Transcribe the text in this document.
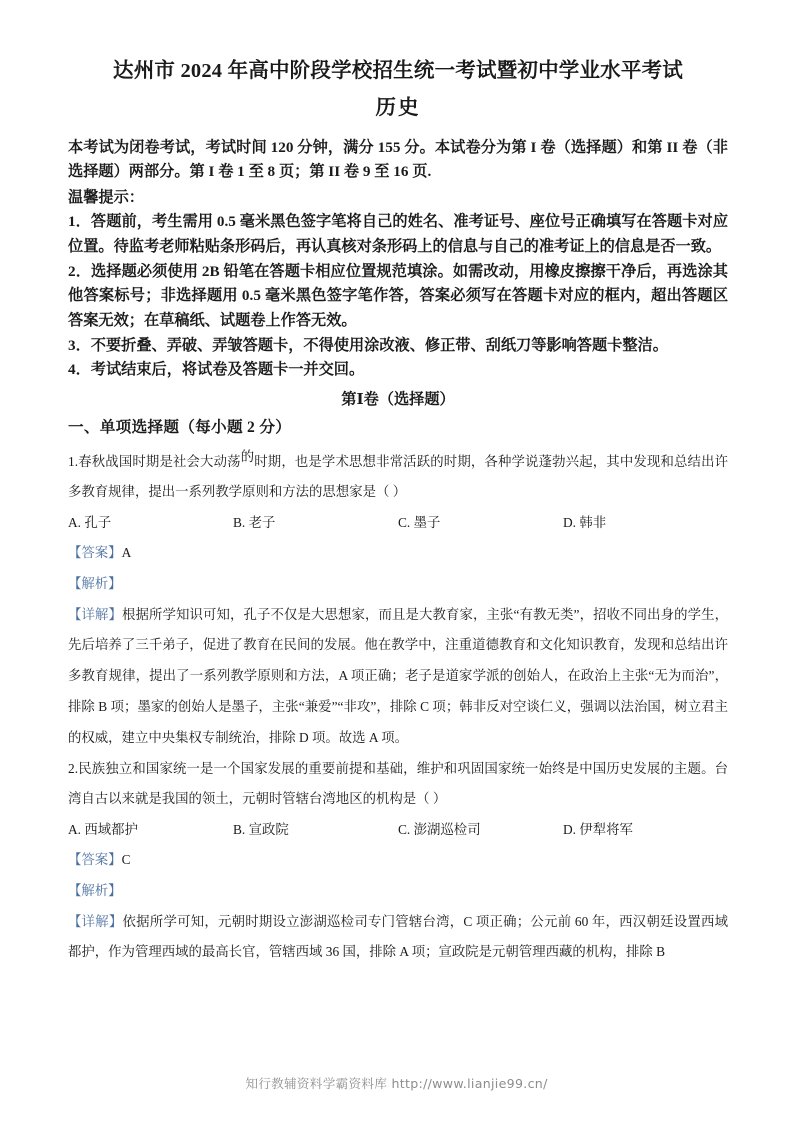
达州市 2024 年高中阶段学校招生统一考试暨初中学业水平考试
历史

本考试为闭卷考试，考试时间 120 分钟，满分 155 分。本试卷分为第 I 卷（选择题）和第 II 卷（非选择题）两部分。第 I 卷 1 至 8 页；第 II 卷 9 至 16 页.

温馨提示：

1．答题前，考生需用 0.5 毫米黑色签字笔将自己的姓名、准考证号、座位号正确填写在答题卡对应位置。待监考老师粘贴条形码后，再认真核对条形码上的信息与自己的准考证上的信息是否一致。

2．选择题必须使用 2B 铅笔在答题卡相应位置规范填涂。如需改动，用橡皮擦擦干净后，再选涂其他答案标号；非选择题用 0.5 毫米黑色签字笔作答，答案必须写在答题卡对应的框内，超出答题区答案无效；在草稿纸、试题卷上作答无效。

3．不要折叠、弄破、弄皱答题卡，不得使用涂改液、修正带、刮纸刀等影响答题卡整洁。

4．考试结束后，将试卷及答题卡一并交回。

第Ⅰ卷（选择题）
一、单项选择题（每小题 2 分）

1.春秋战国时期是社会大动荡的时期，也是学术思想非常活跃的时期，各种学说蓬勃兴起，其中发现和总结出许多教育规律，提出一系列教学原则和方法的思想家是（ ）

A. 孔子	B. 老子	C. 墨子	D. 韩非

【答案】A

【解析】

【详解】根据所学知识可知，孔子不仅是大思想家，而且是大教育家，主张“有教无类”，招收不同出身的学生，先后培养了三千弟子，促进了教育在民间的发展。他在教学中，注重道德教育和文化知识教育，发现和总结出许多教育规律，提出了一系列教学原则和方法，A 项正确；老子是道家学派的创始人，在政治上主张“无为而治”，排除 B 项；墨家的创始人是墨子，主张“兼爱”“非攻”，排除 C 项；韩非反对空谈仁义，强调以法治国，树立君主的权威，建立中央集权专制统治，排除 D 项。故选 A 项。

2.民族独立和国家统一是一个国家发展的重要前提和基础，维护和巩固国家统一始终是中国历史发展的主题。台湾自古以来就是我国的领土，元朝时管辖台湾地区的机构是（ ）

A. 西域都护	B. 宣政院	C. 澎湖巡检司	D. 伊犁将军

【答案】C

【解析】

【详解】依据所学可知，元朝时期设立澎湖巡检司专门管辖台湾，C 项正确；公元前 60 年，西汉朝廷设置西域都护，作为管理西域的最高长官，管辖西域 36 国，排除 A 项；宣政院是元朝管理西藏的机构，排除 B

知行教辅资料学霸资料库 http://www.lianjie99.cn/
